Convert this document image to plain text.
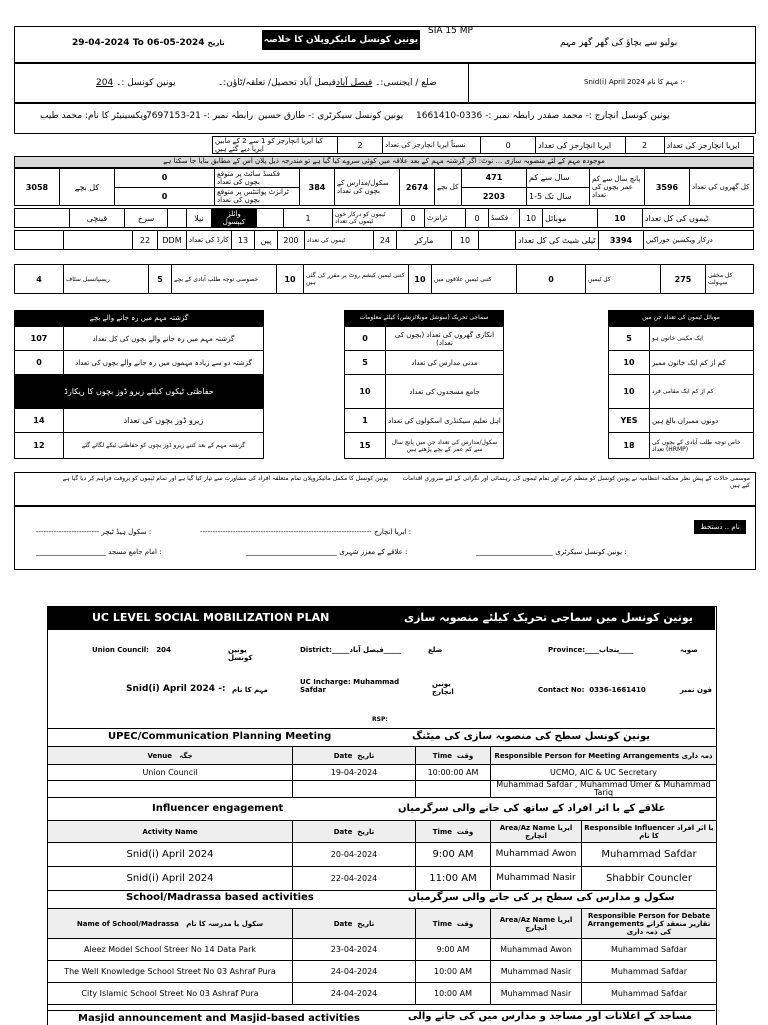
29-04-2024 To 06-05-2024 تاریخ	یونین کونسل مائیکروپلان کا خلاصہ
SIA 15 MP
بولیو سے بچاؤ کی گھر گھر مہم
Snid(i) April 2024 مہم کا نام :-
ضلع / ایجنسی:۔ فیصل آباد
فیصل آباد تحصیل/ تعلقہ/ٹاؤن:۔
204 یونین کونسل :۔
یونین کونسل انچارج :- محمد صفدر
رابطہ نمبر :- 0336-1661410
یونین کونسل سیکرٹری :- طارق حسین
رابطہ نمبر :- 21-7697153
ویکسینیٹر کا نام: محمد طیب
کیا ایریا انچارجز کو 1 سے 2 کے مابین ایریا دیے گئے ہیں	2	نسبتاً ایریا انچارجز کی تعداد	0	ایریا انچارجز کی تعداد	2	ایریا انچارجز کی تعداد
موجودہ مہم کے لئے منصوبہ سازی ... نوٹ: اگر گزشتہ مہم کے بعد علاقہ میں کوئی سروے کیا گیا ہے تو مندرجہ ذیل پلان اس کے مطابق بنایا جا سکتا ہے
3058	کل بچے	0	فکسڈ سائٹ پر متوقع بچوں کی تعداد	384	سکول/مدارس کے بچوں کی تعداد	2674	کل بچے	471	سال سے کم	پانچ سال سے کم عمر بچوں کی تعداد	3596	کل گھروں کی تعداد
		0	ٹرانزٹ پوائنٹس پر متوقع بچوں کی تعداد					2203	سال تک 5-1			
	قینچی	سرخ		نیلا	وائلز
کیپسول		1	ٹیموں کو درکار خون ٹیموں کی تعداد	0	ٹرانزٹ	0	فکسڈ	10	موبائل	10	ٹیموں کی کل تعداد
		22	DDM	کارڈ کی تعداد	13	پین	200	ٹیموں کی تعداد	24	مارکر	10		ٹیلی شیٹ کی کل تعداد	3394	درکار ویکسین خوراکیں
4	ریسپانسبل سٹاف	5	خصوصی توجہ طلب آبادی کے بچے	10	کتنی ٹیمیں کیشم روٹ پر مقرر کی گئی ہیں	10	کتنی ٹیمیں علاقوں میں	0	کل ٹیمیں	275	کل مخفی سہولت
گزشتہ مہم میں رہ جانے والے بچے
107	گزشتہ مہم میں رہ جانے والے بچوں کی کل تعداد
0	گزشتہ دو سے زیادہ مہموں میں رہ جانے والے بچوں کی تعداد
حفاظتی ٹیکوں کیلئے زیرو ڈوز بچوں کا ریکارڈ	
14	زیرو ڈوز بچوں کی تعداد
12	گزشتہ مہم کے بعد کتنے زیرو ڈوز بچوں کو حفاظتی ٹیکے لگائے گئے
سماجی تحریک (سوشل موبلائزیشن) کیلئے معلومات
0	انکاری گھروں کی تعداد (بچوں کی تعداد)
5	مدنی مدارس کی تعداد
10	جامع مسجدوں کی تعداد
1	اہل تعلیم سیکنڈری اسکولوں کی تعداد
15	سکول/مدارس کی تعداد جن میں پانچ سال سے کم عمر کے بچے پڑھتے ہیں
موبائل ٹیموں کی تعداد جن میں
5	ایک مکینی خاتون ہو
10	کم از کم ایک خاتون ممبر
10	کم از کم ایک مقامی فرد
YES	دونوں ممبران بالغ ہیں
18	خاص توجہ طلب آبادی کے بچوں کی تعداد (HRMP)
موسمی حالات کے پیش نظر محکمہ انتظامیہ نے یونین کونسل کو منظم کرنے اور تمام ٹیموں کی رہنمائی اور نگرانی کے لئے ضروری اقدامات کیے ہیں
یونین کونسل کا مکمل مائیکروپلان تمام متعلقہ افراد کی مشاورت سے تیار کیا گیا ہے اور تمام ٹیموں کو بروقت فراہم کر دیا گیا ہے
نام .. دستخط
-------------------------------------------------------------------- ایریا انچارج :
------------------------- سکول ہیڈ ٹیچر :
______________________ یونین کونسل سیکرٹری :
__________________________ علاقے کے معزز شہری :
____________________ امام جامع مسجد :
UC LEVEL SOCIAL MOBILIZATION PLAN	یونین کونسل میں سماجی تحریک کیلئے منصوبہ سازی
Union Council: 204	یونین کونسل
District:_____فیصل آباد_____	ضلع	Province:____پنجاب____	صوبہ
Snid(i) April 2024 -: مہم کا نام
UC Incharge: Muhammad Safdar
یونین انچارج	Contact No: 0336-1661410	فون نمبر
RSP:
UPEC/Communication Planning Meeting	یونین کونسل سطح کی منصوبہ سازی کی میٹنگ
Venue جگہ	Date تاریخ	Time وقت	Responsible Person for Meeting Arrangements ذمہ داری
Union Council	19-04-2024	10:00:00 AM	UCMO, AIC & UC Secretary
			Muhammad Safdar , Muhammad Umer & Muhammad Tariq
Influencer engagement	علاقے کے با اثر افراد کے ساتھ کی جانے والی سرگرمیاں
Activity Name	Date تاریخ	Time وقت	Area/Az Name ایریا انچارج	Responsible Influencer با اثر افراد کا نام
Snid(i) April 2024	20-04-2024	9:00 AM	Muhammad Awon	Muhammad Safdar
Snid(i) April 2024	22-04-2024	11:00 AM	Muhammad Nasir	Shabbir Councler
School/Madrassa based activities	سکول و مدارس کی سطح پر کی جانے والی سرگرمیاں
Name of School/Madrassa سکول یا مدرسہ کا نام	Date تاریخ	Time وقت	Area/Az Name ایریا انچارج	Responsible Person for Debate Arrangements تقاریر منعقد کرانے کی ذمہ داری
Aleez Model School Streer No 14 Data Park	23-04-2024	9:00 AM	Muhammad Awon	Muhammad Safdar
The Well Knowledge School Street No 03 Ashraf Pura	24-04-2024	10:00 AM	Muhammad Nasir	Muhammad Safdar
City Islamic School Street No 03 Ashraf Pura	24-04-2024	10:00 AM	Muhammad Nasir	Muhammad Safdar
Masjid announcement and Masjid-based activities	مساجد کے اعلانات اور مساجد و مدارس میں کی جانے والی
